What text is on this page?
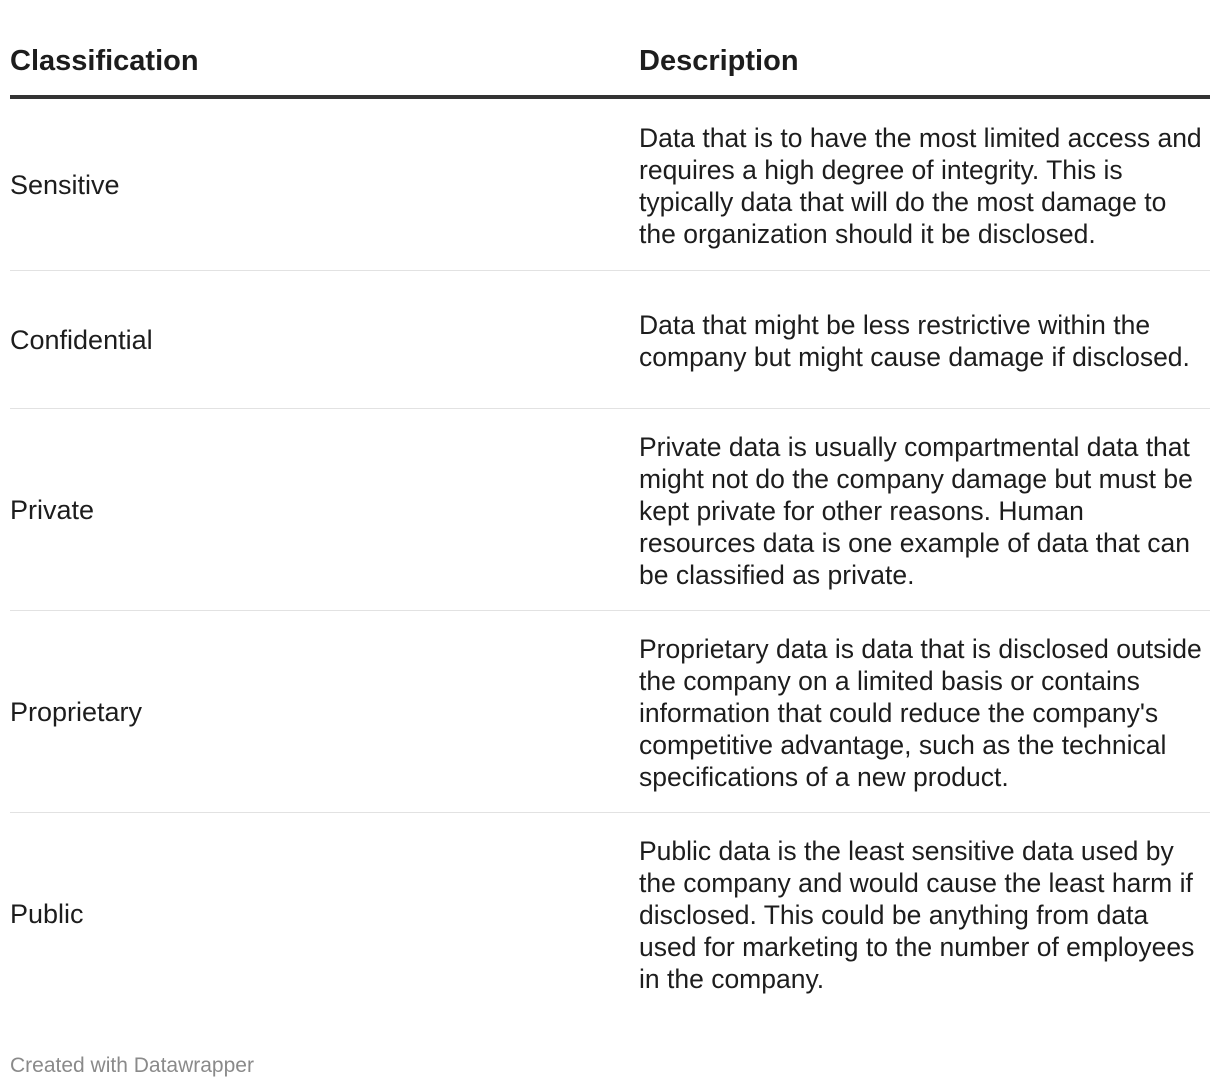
Classification	Description
Sensitive
Data that is to have the most limited access and requires a high degree of integrity. This is typically data that will do the most damage to the organization should it be disclosed.
Confidential	Data that might be less restrictive within the company but might cause damage if disclosed.
Private
Private data is usually compartmental data that might not do the company damage but must be kept private for other reasons. Human resources data is one example of data that can be classified as private.
Proprietary
Proprietary data is data that is disclosed outside the company on a limited basis or contains information that could reduce the company's competitive advantage, such as the technical specifications of a new product.
Public
Public data is the least sensitive data used by the company and would cause the least harm if disclosed. This could be anything from data used for marketing to the number of employees in the company.
Created with Datawrapper
